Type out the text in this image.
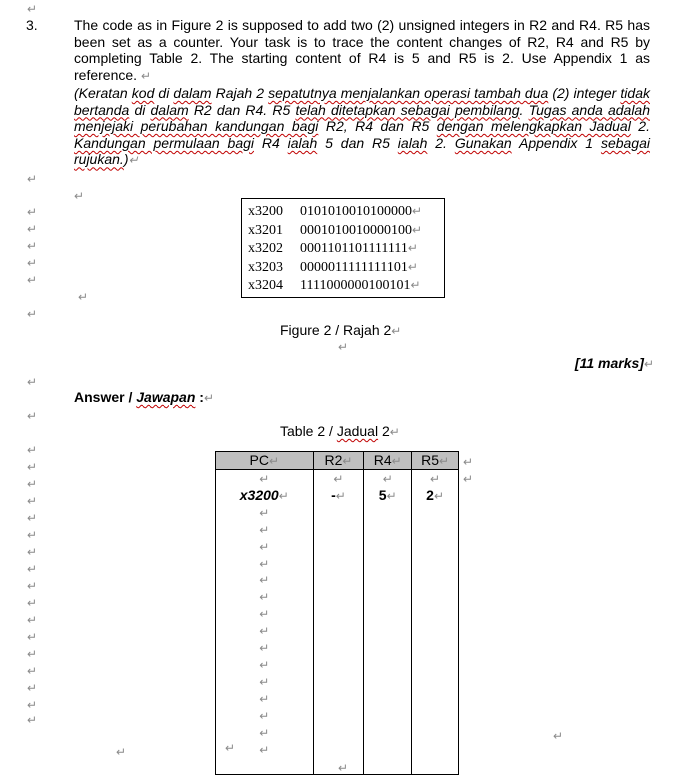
↵
↵
↵
↵
↵
↵
↵
↵
↵
↵
↵
↵
↵
↵
↵
↵
↵
↵
↵
↵
↵
↵
↵
↵
↵
↵
↵
3.	The code as in Figure 2 is supposed to add two (2) unsigned integers in R2 and R4. R5 has been set as a counter. Your task is to trace the content changes of R2, R4 and R5 by completing Table 2. The starting content of R4 is 5 and R5 is 2. Use Appendix 1 as reference. ↵
(Keratan kod di dalam Rajah 2 sepatutnya menjalankan operasi tambah dua (2) integer tidak bertanda di dalam R2 dan R4. R5 telah ditetapkan sebagai pembilang. Tugas anda adalah menjejaki perubahan kandungan bagi R2, R4 dan R5 dengan melengkapkan Jadual 2. Kandungan permulaan bagi R4 ialah 5 dan R5 ialah 2. Gunakan Appendix 1 sebagai rujukan.)↵
↵
x3200 0101010010100000↵
x3201 0001010010000100↵
x3202 0001101101111111↵
x3203 0000011111111101↵
x3204 1111000000100101↵
↵
Figure 2 / Rajah 2↵
↵
[11 marks]↵
Answer / Jawapan :↵
Table 2 / Jadual 2↵
PC↵	R2↵	R4↵	R5↵
↵	↵	↵	↵
x3200↵	-↵	5↵	2↵
↵			
↵			
↵			
↵			
↵			
↵			
↵			
↵			
↵			
↵			
↵			
↵			
↵			
↵			
↵			

↵
↵
↵
↵
↵
↵
